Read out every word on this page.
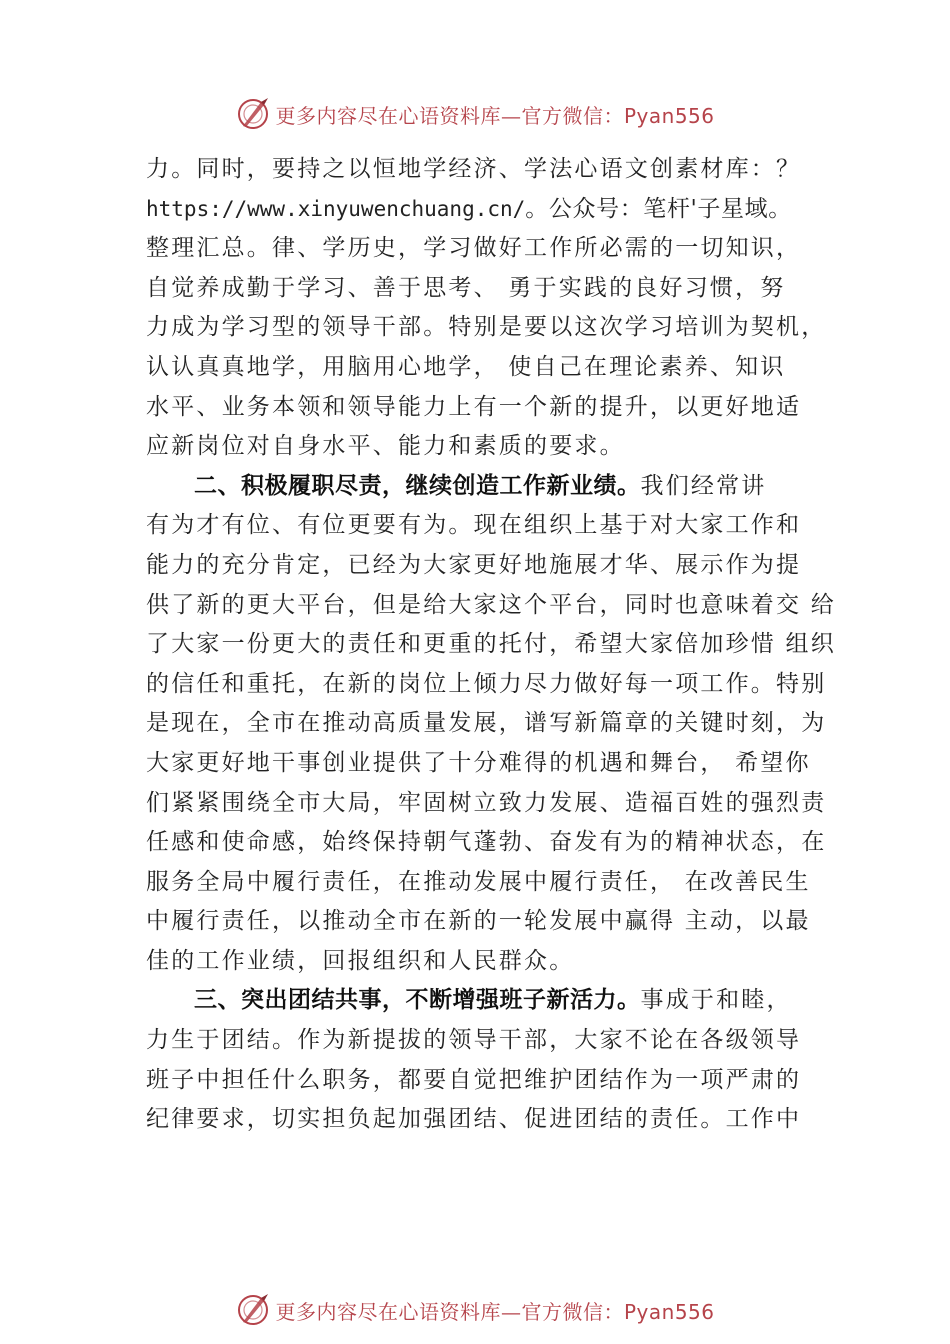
更多内容尽在心语资料库—官方微信：Pyan556
力。同时，要持之以恒地学经济、学法心语文创素材库：？
https://www.xinyuwenchuang.cn/。公众号：笔杆'子星域。
整理汇总。律、学历史，学习做好工作所必需的一切知识，
自觉养成勤于学习、善于思考、 勇于实践的良好习惯，努
力成为学习型的领导干部。特别是要以这次学习培训为契机，
认认真真地学，用脑用心地学， 使自己在理论素养、知识
水平、业务本领和领导能力上有一个新的提升，以更好地适
应新岗位对自身水平、能力和素质的要求。
二、积极履职尽责，继续创造工作新业绩。我们经常讲
有为才有位、有位更要有为。现在组织上基于对大家工作和
能力的充分肯定，已经为大家更好地施展才华、展示作为提
供了新的更大平台，但是给大家这个平台，同时也意味着交 给
了大家一份更大的责任和更重的托付，希望大家倍加珍惜 组织
的信任和重托，在新的岗位上倾力尽力做好每一项工作。特别
是现在，全市在推动高质量发展，谱写新篇章的关键时刻，为
大家更好地干事创业提供了十分难得的机遇和舞台， 希望你
们紧紧围绕全市大局，牢固树立致力发展、造福百姓的强烈责
任感和使命感，始终保持朝气蓬勃、奋发有为的精神状态，在
服务全局中履行责任，在推动发展中履行责任， 在改善民生
中履行责任，以推动全市在新的一轮发展中赢得 主动，以最
佳的工作业绩，回报组织和人民群众。
三、突出团结共事，不断增强班子新活力。事成于和睦，
力生于团结。作为新提拔的领导干部，大家不论在各级领导
班子中担任什么职务，都要自觉把维护团结作为一项严肃的
纪律要求，切实担负起加强团结、促进团结的责任。工作中
更多内容尽在心语资料库—官方微信：Pyan556
